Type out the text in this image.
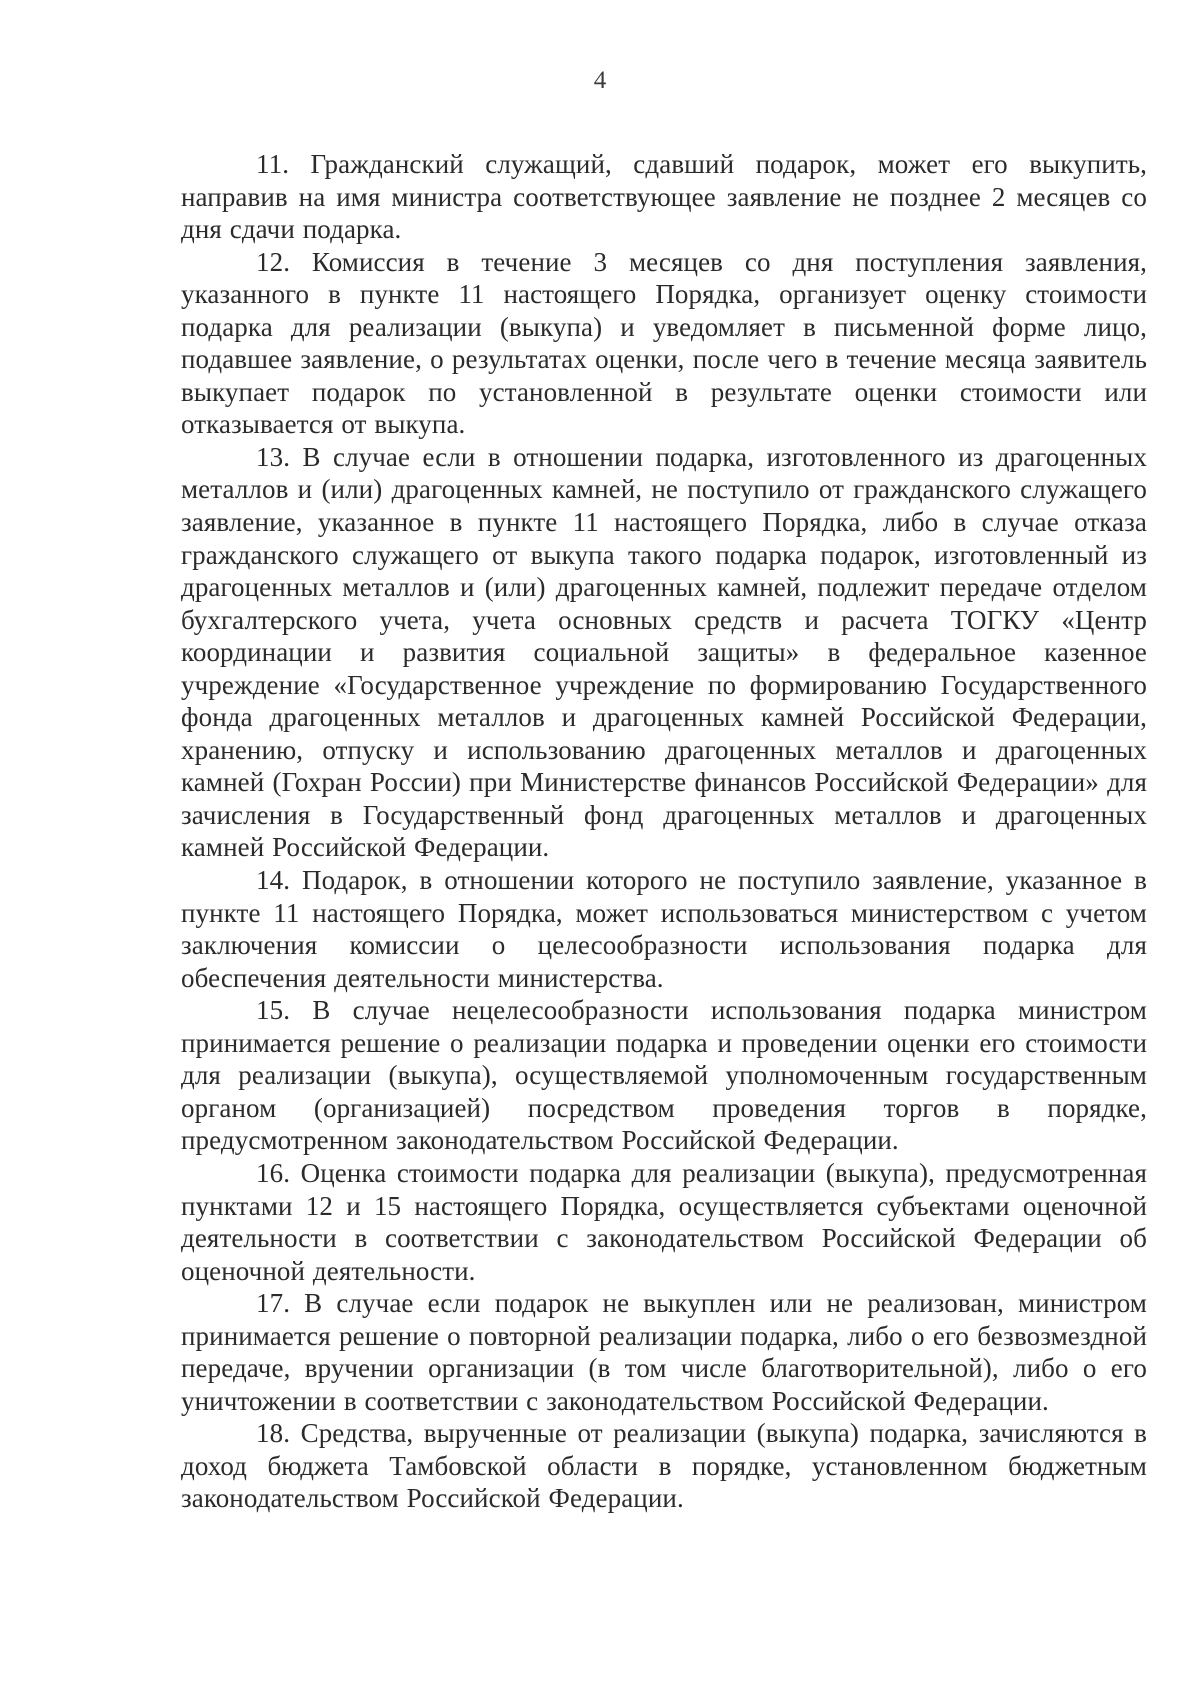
4

11. Гражданский служащий, сдавший подарок, может его выкупить, направив на имя министра соответствующее заявление не позднее 2 месяцев со дня сдачи подарка.

12. Комиссия в течение 3 месяцев со дня поступления заявления, указанного в пункте 11 настоящего Порядка, организует оценку стоимости подарка для реализации (выкупа) и уведомляет в письменной форме лицо, подавшее заявление, о результатах оценки, после чего в течение месяца заявитель выкупает подарок по установленной в результате оценки стоимости или отказывается от выкупа.

13. В случае если в отношении подарка, изготовленного из драгоценных металлов и (или) драгоценных камней, не поступило от гражданского служащего заявление, указанное в пункте 11 настоящего Порядка, либо в случае отказа гражданского служащего от выкупа такого подарка подарок, изготовленный из драгоценных металлов и (или) драгоценных камней, подлежит передаче отделом бухгалтерского учета, учета основных средств и расчета ТОГКУ «Центр координации и развития социальной защиты» в федеральное казенное учреждение «Государственное учреждение по формированию Государственного фонда драгоценных металлов и драгоценных камней Российской Федерации, хранению, отпуску и использованию драгоценных металлов и драгоценных камней (Гохран России) при Министерстве финансов Российской Федерации» для зачисления в Государственный фонд драгоценных металлов и драгоценных камней Российской Федерации.

14. Подарок, в отношении которого не поступило заявление, указанное в пункте 11 настоящего Порядка, может использоваться министерством с учетом заключения комиссии о целесообразности использования подарка для обеспечения деятельности министерства.

15. В случае нецелесообразности использования подарка министром принимается решение о реализации подарка и проведении оценки его стоимости для реализации (выкупа), осуществляемой уполномоченным государственным органом (организацией) посредством проведения торгов в порядке, предусмотренном законодательством Российской Федерации.

16. Оценка стоимости подарка для реализации (выкупа), предусмотренная пунктами 12 и 15 настоящего Порядка, осуществляется субъектами оценочной деятельности в соответствии с законодательством Российской Федерации об оценочной деятельности.

17. В случае если подарок не выкуплен или не реализован, министром принимается решение о повторной реализации подарка, либо о его безвозмездной передаче, вручении организации (в том числе благотворительной), либо о его уничтожении в соответствии с законодательством Российской Федерации.

18. Средства, вырученные от реализации (выкупа) подарка, зачисляются в доход бюджета Тамбовской области в порядке, установленном бюджетным законодательством Российской Федерации.
